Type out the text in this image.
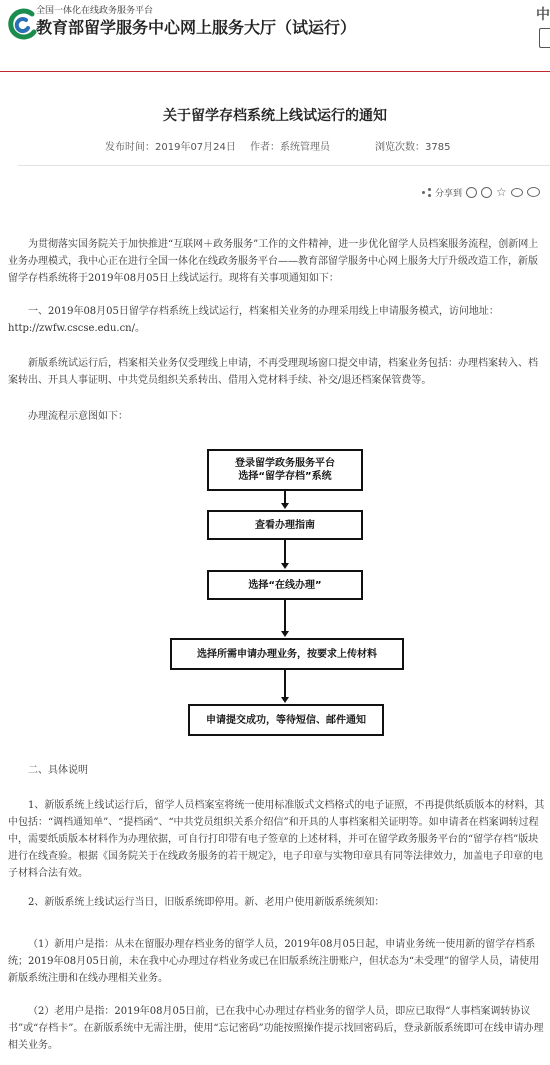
全国一体化在线政务服务平台
教育部留学服务中心网上服务大厅（试运行）
中
关于留学存档系统上线试运行的通知
发布时间：2019年07月24日 作者：系统管理员	浏览次数：3785
分享到	☆

为贯彻落实国务院关于加快推进“互联网＋政务服务”工作的文件精神，进一步优化留学人员档案服务流程，创新网上业务办理模式，我中心正在进行全国一体化在线政务服务平台——教育部留学服务中心网上服务大厅升级改造工作，新版留学存档系统将于2019年08月05日上线试运行。现将有关事项通知如下：

一、2019年08月05日留学存档系统上线试运行，档案相关业务的办理采用线上申请服务模式，访问地址：http://zwfw.cscse.edu.cn/。

新版系统试运行后，档案相关业务仅受理线上申请，不再受理现场窗口提交申请，档案业务包括：办理档案转入、档案转出、开具人事证明、中共党员组织关系转出、借用入党材料手续、补交/退还档案保管费等。

办理流程示意图如下：

登录留学政务服务平台
选择“留学存档”系统
查看办理指南
选择“在线办理”
选择所需申请办理业务，按要求上传材料
申请提交成功，等待短信、邮件通知

二、具体说明

1、新版系统上线试运行后，留学人员档案室将统一使用标准版式文档格式的电子证照，不再提供纸质版本的材料，其中包括：“调档通知单”、“提档函”、“中共党员组织关系介绍信”和开具的人事档案相关证明等。如申请者在档案调转过程中，需要纸质版本材料作为办理依据，可自行打印带有电子签章的上述材料，并可在留学政务服务平台的“留学存档”版块进行在线查验。根据《国务院关于在线政务服务的若干规定》，电子印章与实物印章具有同等法律效力，加盖电子印章的电子材料合法有效。

2、新版系统上线试运行当日，旧版系统即停用。新、老用户使用新版系统须知：

（1）新用户是指：从未在留服办理存档业务的留学人员，2019年08月05日起，申请业务统一使用新的留学存档系统；2019年08月05日前，未在我中心办理过存档业务或已在旧版系统注册账户，但状态为“未受理”的留学人员，请使用新版系统注册和在线办理相关业务。

（2）老用户是指：2019年08月05日前，已在我中心办理过存档业务的留学人员，即应已取得“人事档案调转协议书”或“存档卡”。在新版系统中无需注册，使用“忘记密码”功能按照操作提示找回密码后，登录新版系统即可在线申请办理相关业务。
